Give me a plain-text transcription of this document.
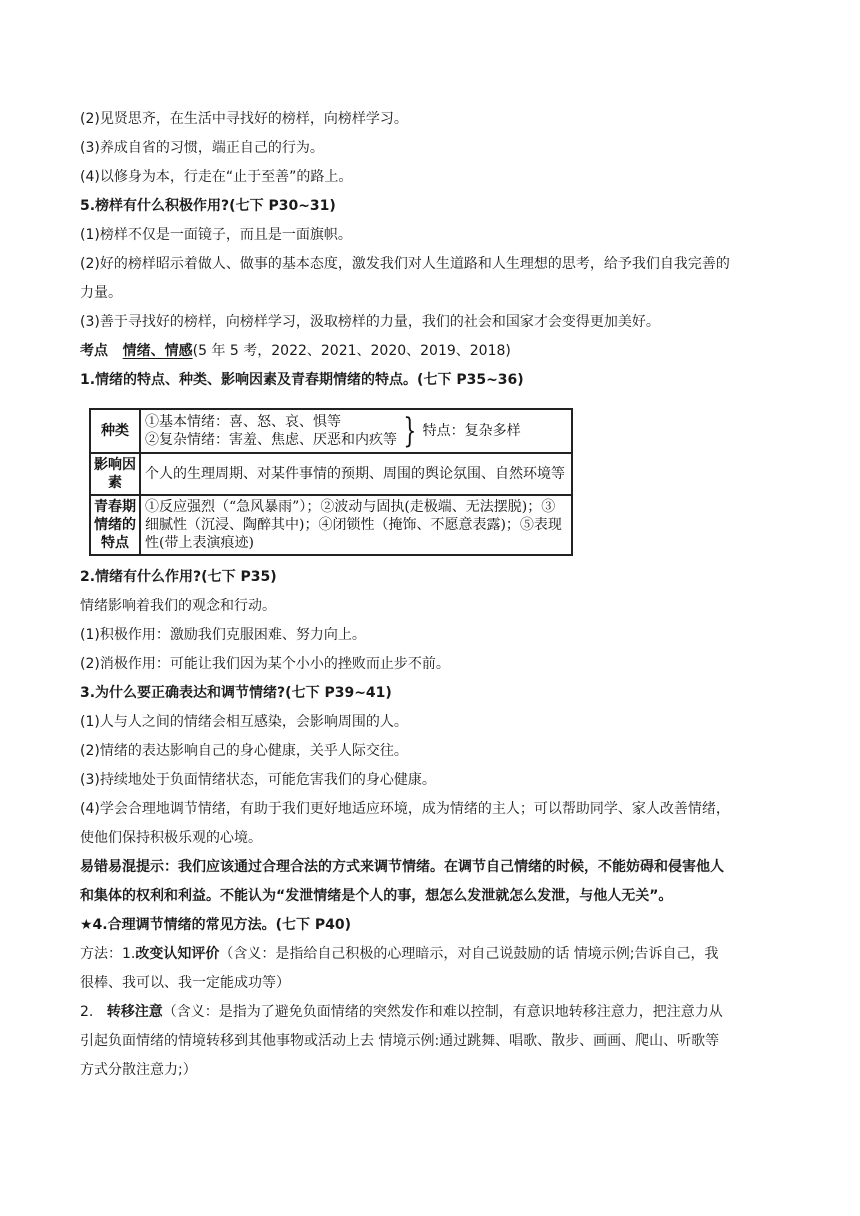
(2)见贤思齐，在生活中寻找好的榜样，向榜样学习。

(3)养成自省的习惯，端正自己的行为。

(4)以修身为本，行走在“止于至善”的路上。

5.榜样有什么积极作用?(七下 P30~31)

(1)榜样不仅是一面镜子，而且是一面旗帜。

(2)好的榜样昭示着做人、做事的基本态度，激发我们对人生道路和人生理想的思考，给予我们自我完善的

力量。

(3)善于寻找好的榜样，向榜样学习，汲取榜样的力量，我们的社会和国家才会变得更加美好。

考点 情绪、情感(5 年 5 考，2022、2021、2020、2019、2018)

1.情绪的特点、种类、影响因素及青春期情绪的特点。(七下 P35~36)

种类	①基本情绪：喜、怒、哀、惧等
②复杂情绪：害羞、焦虑、厌恶和内疚等 } 特点：复杂多样

影响因素	个人的生理周期、对某件事情的预期、周围的舆论氛围、自然环境等
青春期情绪的特点	①反应强烈（“急风暴雨”）；②波动与固执(走极端、无法摆脱)；③细腻性（沉浸、陶醉其中)；④闭锁性（掩饰、不愿意表露)；⑤表现性(带上表演痕迹)

2.情绪有什么作用?(七下 P35)

情绪影响着我们的观念和行动。

(1)积极作用：激励我们克服困难、努力向上。

(2)消极作用：可能让我们因为某个小小的挫败而止步不前。

3.为什么要正确表达和调节情绪?(七下 P39~41)

(1)人与人之间的情绪会相互感染，会影响周围的人。

(2)情绪的表达影响自己的身心健康，关乎人际交往。

(3)持续地处于负面情绪状态，可能危害我们的身心健康。

(4)学会合理地调节情绪，有助于我们更好地适应环境，成为情绪的主人；可以帮助同学、家人改善情绪，

使他们保持积极乐观的心境。

易错易混提示：我们应该通过合理合法的方式来调节情绪。在调节自己情绪的时候，不能妨碍和侵害他人

和集体的权利和利益。不能认为“发泄情绪是个人的事，想怎么发泄就怎么发泄，与他人无关”。

★4.合理调节情绪的常见方法。(七下 P40)

方法：1.改变认知评价（含义：是指给自己积极的心理暗示，对自己说鼓励的话 情境示例;告诉自己，我

很棒、我可以、我一定能成功等）

2.   转移注意（含义：是指为了避免负面情绪的突然发作和难以控制，有意识地转移注意力，把注意力从

引起负面情绪的情境转移到其他事物或活动上去 情境示例:通过跳舞、唱歌、散步、画画、爬山、听歌等

方式分散注意力;）
